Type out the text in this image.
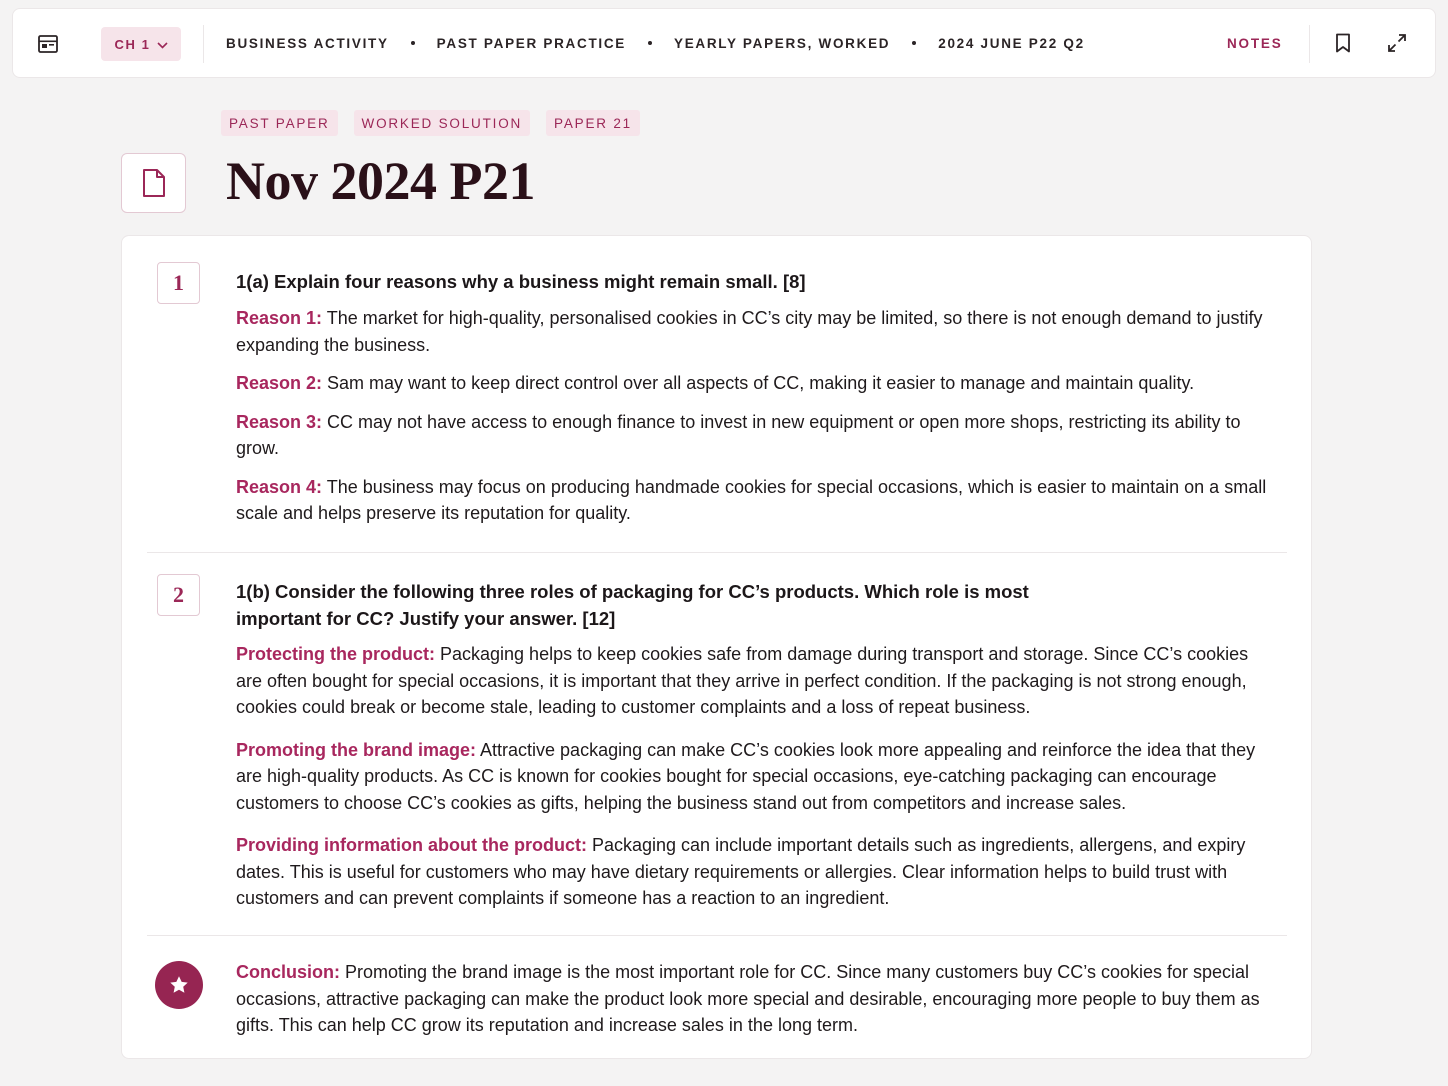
CH 1	BUSINESS ACTIVITY	PAST PAPER PRACTICE	YEARLY PAPERS, WORKED	2024 JUNE P22 Q2	NOTES
PAST PAPER	WORKED SOLUTION	PAPER 21
Nov 2024 P21
1	1(a) Explain four reasons why a business might remain small. [8]

Reason 1: The market for high-quality, personalised cookies in CC’s city may be limited, so there is not enough demand to justify expanding the business.

Reason 2: Sam may want to keep direct control over all aspects of CC, making it easier to manage and maintain quality.

Reason 3: CC may not have access to enough finance to invest in new equipment or open more shops, restricting its ability to grow.

Reason 4: The business may focus on producing handmade cookies for special occasions, which is easier to maintain on a small scale and helps preserve its reputation for quality.

2	1(b) Consider the following three roles of packaging for CC’s products. Which role is most important for CC? Justify your answer. [12]

Protecting the product: Packaging helps to keep cookies safe from damage during transport and storage. Since CC’s cookies are often bought for special occasions, it is important that they arrive in perfect condition. If the packaging is not strong enough, cookies could break or become stale, leading to customer complaints and a loss of repeat business.

Promoting the brand image: Attractive packaging can make CC’s cookies look more appealing and reinforce the idea that they are high-quality products. As CC is known for cookies bought for special occasions, eye-catching packaging can encourage customers to choose CC’s cookies as gifts, helping the business stand out from competitors and increase sales.

Providing information about the product: Packaging can include important details such as ingredients, allergens, and expiry dates. This is useful for customers who may have dietary requirements or allergies. Clear information helps to build trust with customers and can prevent complaints if someone has a reaction to an ingredient.

Conclusion: Promoting the brand image is the most important role for CC. Since many customers buy CC’s cookies for special occasions, attractive packaging can make the product look more special and desirable, encouraging more people to buy them as gifts. This can help CC grow its reputation and increase sales in the long term.
